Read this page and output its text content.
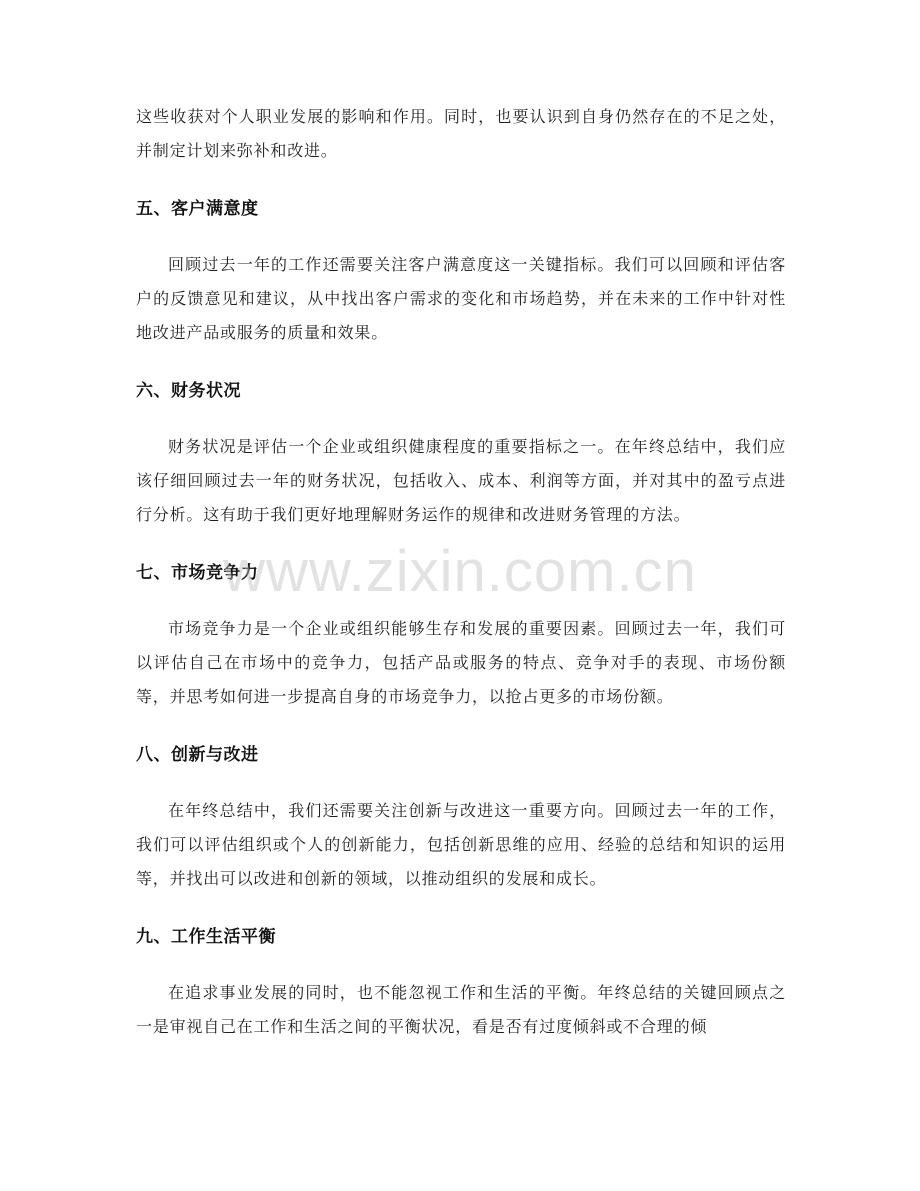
这些收获对个人职业发展的影响和作用。同时，也要认识到自身仍然存在的不足之处，并制定计划来弥补和改进。

五、客户满意度

回顾过去一年的工作还需要关注客户满意度这一关键指标。我们可以回顾和评估客户的反馈意见和建议，从中找出客户需求的变化和市场趋势，并在未来的工作中针对性地改进产品或服务的质量和效果。

六、财务状况

财务状况是评估一个企业或组织健康程度的重要指标之一。在年终总结中，我们应该仔细回顾过去一年的财务状况，包括收入、成本、利润等方面，并对其中的盈亏点进行分析。这有助于我们更好地理解财务运作的规律和改进财务管理的方法。

七、市场竞争力

市场竞争力是一个企业或组织能够生存和发展的重要因素。回顾过去一年，我们可以评估自己在市场中的竞争力，包括产品或服务的特点、竞争对手的表现、市场份额等，并思考如何进一步提高自身的市场竞争力，以抢占更多的市场份额。

八、创新与改进

在年终总结中，我们还需要关注创新与改进这一重要方向。回顾过去一年的工作，我们可以评估组织或个人的创新能力，包括创新思维的应用、经验的总结和知识的运用等，并找出可以改进和创新的领域，以推动组织的发展和成长。

九、工作生活平衡

在追求事业发展的同时，也不能忽视工作和生活的平衡。年终总结的关键回顾点之一是审视自己在工作和生活之间的平衡状况，看是否有过度倾斜或不合理的倾

www.zixin.com.cn
